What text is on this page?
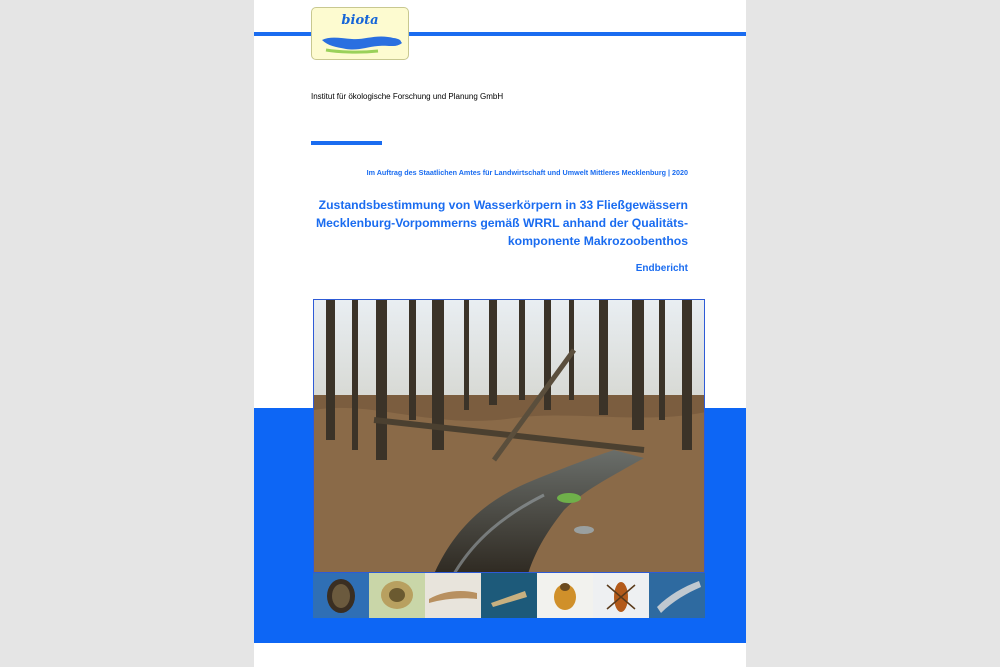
biota
Institut für ökologische Forschung und Planung GmbH
Im Auftrag des Staatlichen Amtes für Landwirtschaft und Umwelt Mittleres Mecklenburg | 2020
Zustandsbestimmung von Wasserkörpern in 33 Fließgewässern
Mecklenburg-Vorpommerns gemäß WRRL anhand der Qualitäts-
komponente Makrozoobenthos
Endbericht
